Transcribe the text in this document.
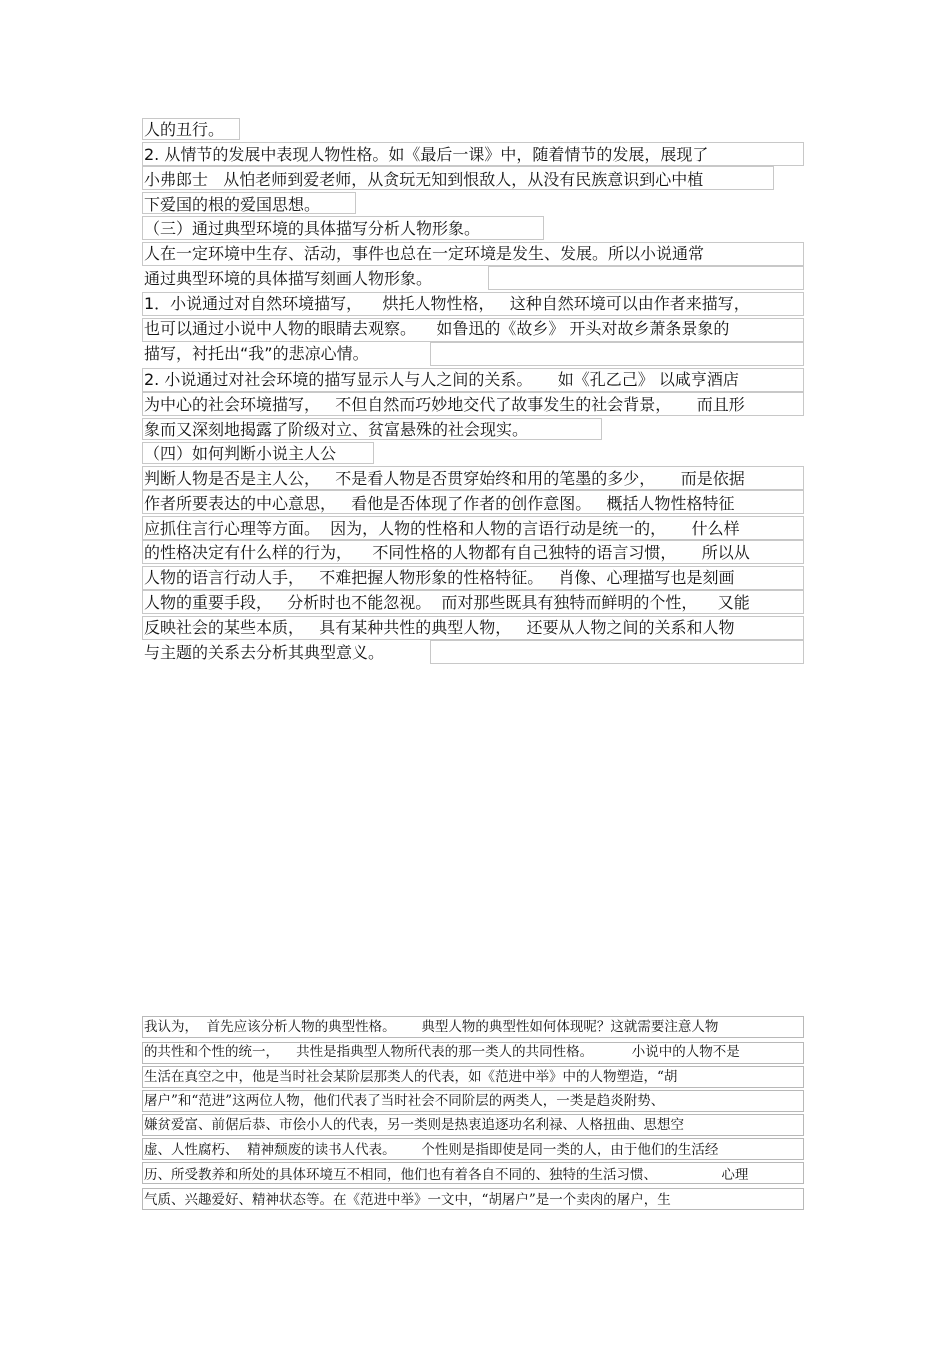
人的丑行。
2. 从情节的发展中表现人物性格。如《最后一课》中，随着情节的发展，展现了
小弗郎士   从怕老师到爱老师，从贪玩无知到恨敌人，从没有民族意识到心中植
下爱国的根的爱国思想。
（三）通过典型环境的具体描写分析人物形象。
人在一定环境中生存、活动，事件也总在一定环境是发生、发展。所以小说通常
通过典型环境的具体描写刻画人物形象。
1．小说通过对自然环境描写，    烘托人物性格，   这种自然环境可以由作者来描写，
也可以通过小说中人物的眼睛去观察。    如鲁迅的《故乡》 开头对故乡萧条景象的
描写，衬托出“我”的悲凉心情。
2. 小说通过对社会环境的描写显示人与人之间的关系。     如《孔乙己》 以咸亨酒店
为中心的社会环境描写，   不但自然而巧妙地交代了故事发生的社会背景，     而且形
象而又深刻地揭露了阶级对立、贫富悬殊的社会现实。
（四）如何判断小说主人公
判断人物是否是主人公，   不是看人物是否贯穿始终和用的笔墨的多少，     而是依据
作者所要表达的中心意思，   看他是否体现了作者的创作意图。   概括人物性格特征
应抓住言行心理等方面。  因为，人物的性格和人物的言语行动是统一的，     什么样
的性格决定有什么样的行为，    不同性格的人物都有自己独特的语言习惯，     所以从
人物的语言行动人手，   不难把握人物形象的性格特征。   肖像、心理描写也是刻画
人物的重要手段，   分析时也不能忽视。  而对那些既具有独特而鲜明的个性，    又能
反映社会的某些本质，   具有某种共性的典型人物，   还要从人物之间的关系和人物
与主题的关系去分析其典型意义。
我认为，  首先应该分析人物的典型性格。      典型人物的典型性如何体现呢？这就需要注意人物
的共性和个性的统一，    共性是指典型人物所代表的那一类人的共同性格。         小说中的人物不是
生活在真空之中，他是当时社会某阶层那类人的代表，如《范进中举》中的人物塑造，“胡
屠户”和“范进”这两位人物，他们代表了当时社会不同阶层的两类人，一类是趋炎附势、
嫌贫爱富、前倨后恭、市侩小人的代表，另一类则是热衷追逐功名利禄、人格扭曲、思想空
虚、人性腐朽、  精神颓废的读书人代表。      个性则是指即使是同一类的人，由于他们的生活经
历、所受教养和所处的具体环境互不相同，他们也有着各自不同的、独特的生活习惯、               心理
气质、兴趣爱好、精神状态等。在《范进中举》一文中，“胡屠户”是一个卖肉的屠户，生
